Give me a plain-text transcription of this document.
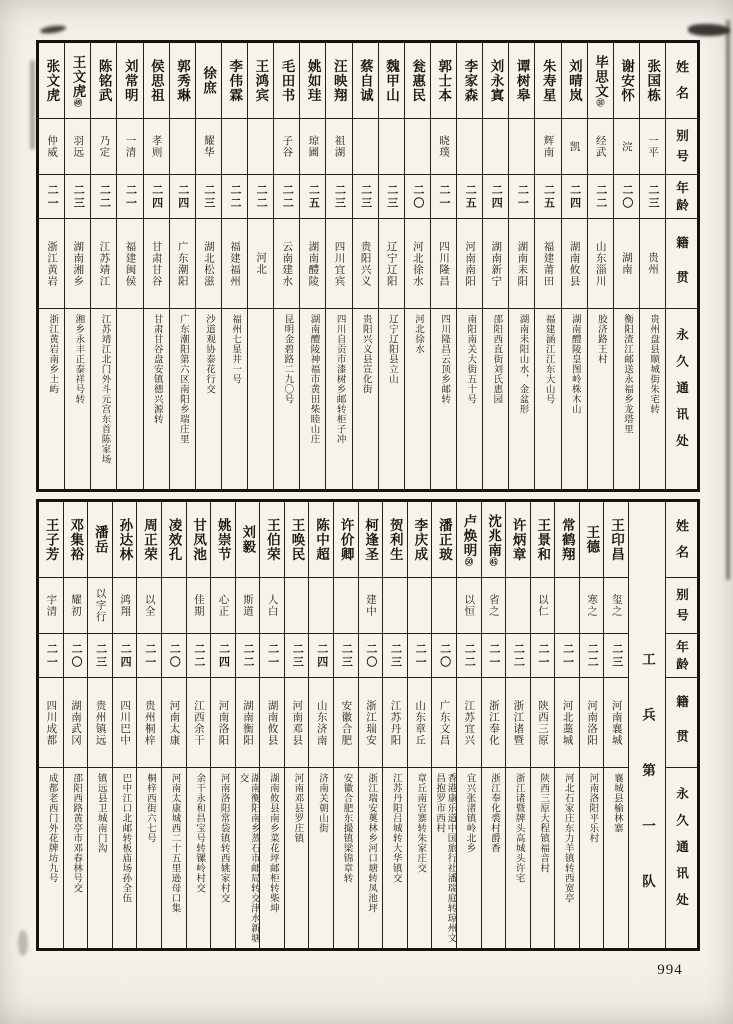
姓名
别号
年龄
籍贯
永久通讯处
张国栋
一平
二三
贵州
贵州盘县顺城街朱宅转
谢安怀
浣
二〇
湖南
衡阳渣江邮送永福乡龙塔里
毕思文㉛
经武
二二
山东淄川
胶济路王村
刘晴岚
凯
二四
湖南攸县
湖南醴陵皇图岭株木山
朱寿星
辉南
二五
福建莆田
福建涵江江东大山号
谭树皋
二一
湖南耒阳
湖南耒阳山水，金盆形
刘永寘
二四
湖南新宁
邵阳西直街刘氏惠园
李家森
二五
河南南阳
南阳南关大街五十号
郭士本
晓璞
二一
四川隆昌
四川隆昌云顶乡邮转
瓮惠民
二〇
河北徐水
河北徐水
魏甲山
二三
辽宁辽阳
辽宁辽阳县立山
蔡自诚
二三
贵阳兴义
贵阳兴义县宣化街
汪映翔
祖湖
二三
四川宜宾
四川自贡市漆树乡邮转柜子冲
姚如珪
琼圃
二五
湖南醴陵
湖南醴陵神福市黄田柴睦山庄
毛田书
子谷
二二
云南建水
昆明金碧路二九〇号
王鸿宾
二二
河北
李伟霖
二二
福建福州
福州七星井一号
徐庶
耀华
二三
湖北松滋
沙道观协泰花行交
郭秀琳
二四
广东潮阳
广东潮阳第六区南阳乡瑞庄里
侯思祖
孝则
二四
甘肃甘谷
甘肃甘谷盘安镇德兴源转
刘常明
一清
二一
福建闽侯
陈铭武
乃定
二二
江苏靖江
江苏靖江北门外斗元宫东首陈家场
王文虎㊾
羽远
二三
湖南湘乡
湘乡永丰正泰祥号转
张文虎
仲威
二一
浙江黄岩
浙江黄岩南乡土屿
姓名
别号
年龄
籍贯
永久通讯处
工兵第一队
王印昌
玺之
二三
河南襄城
襄城县榆林寨
王德
寒之
二二
河南洛阳
河南洛阳平乐村
常鹤翔
二一
河北藁城
河北石家庄东力羊镇转西宽亭
王景和
以仁
二一
陕西三原
陕西三原大程镇福音村
许炳章
二二
浙江诸暨
浙江诸暨牌头高城头许宅
沈兆南㊺
省之
二一
浙江奉化
浙江奉化裘村爵香
卢焕明㊿
以恒
二二
江苏宜兴
宜兴张渚镇岭北乡
潘正玻
二〇
广东文昌
香港康乐道中国旅行社潘瑞庭转琼州文昌抱罗市西村
李庆成
二一
山东章丘
章丘南官寨转朱家庄交
贺利生
二三
江苏丹阳
江苏丹阳吕城转大华镇交
柯逢圣
建中
二〇
浙江瑞安
浙江瑞安薁林乡河口塘转凤池坪
许价卿
二三
安徽合肥
安徽合肥东撮镇梁锦章转
陈中超
二四
山东济南
济南关朝山街
王唤民
二三
河南邓县
河南邓县罗庄镇
王伯荣
人白
二一
湖南攸县
湖南攸县南乡菜花坪邮柜转柴坤
刘毅
斯道
二二
湖南衡阳
湖南衡阳南乡蒸石市邮局转交津水新塘交
姚崇节
心正
二四
河南洛阳
河南洛阳常袋镇转西姚家村交
甘凤池
佳期
二二
江西余干
余干永和昌宝号转镙岭村交
凌效孔
二〇
河南太康
河南太康城西二十五里逊母口集
周正荣
以全
二一
贵州桐梓
桐梓西街六七号
孙达林
鸿翔
二四
四川巴中
巴中江口北邮转板庙场孙全伍
潘岳
以字行
二三
贵州镇远
镇远县卫城南门沟
邓集裕
耀初
二〇
湖南武冈
邵阳西路黄亭市邓春林号交
王子芳
宇清
二一
四川成都
成都老西门外花牌坊九号
994
